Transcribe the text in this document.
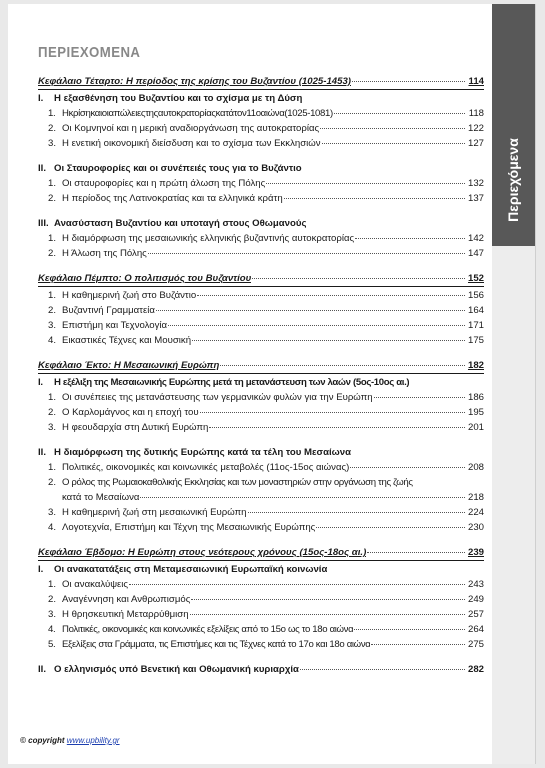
Περιεχόμενα
ΠΕΡΙΕΧΟΜΕΝΑ
Κεφάλαιο Τέταρτο: Η περίοδος της κρίσης του Βυζαντίου (1025-1453)	114
I. Η εξασθένηση του Βυζαντίου και το σχίσμα με τη Δύση
1. Ηκρίσηκαιοιαπώλειεςτηςαυτοκρατορίαςκατάτον11οαιώνα(1025-1081)	118
2. Οι Κομνηνοί και η μερική αναδιοργάνωση της αυτοκρατορίας	122
3. Η ενετική οικονομική διείσδυση και το σχίσμα των Εκκλησιών	127
II. Οι Σταυροφορίες και οι συνέπειές τους για το Βυζάντιο
1. Οι σταυροφορίες και η πρώτη άλωση της Πόλης	132
2. Η περίοδος της Λατινοκρατίας και τα ελληνικά κράτη	137
III. Ανασύσταση Βυζαντίου και υποταγή στους Οθωμανούς
1. Η διαμόρφωση της μεσαιωνικής ελληνικής βυζαντινής αυτοκρατορίας	142
2. Η Άλωση της Πόλης	147
Κεφάλαιο Πέμπτο: Ο πολιτισμός του Βυζαντίου	152
1. Η καθημερινή ζωή στο Βυζάντιο	156
2. Βυζαντινή Γραμματεία	164
3. Επιστήμη και Τεχνολογία	171
4. Εικαστικές Τέχνες και Μουσική	175
Κεφάλαιο Έκτο: Η Μεσαιωνική Ευρώπη	182
I. Η εξέλιξη της Μεσαιωνικής Ευρώπης μετά τη μετανάστευση των λαών (5ος-10ος αι.)
1. Οι συνέπειες της μετανάστευσης των γερμανικών φυλών για την Ευρώπη	186
2. Ο Καρλομάγνος και η εποχή του	195
3. Η φεουδαρχία στη Δυτική Ευρώπη	201
II. Η διαμόρφωση της δυτικής Ευρώπης κατά τα τέλη του Μεσαίωνα
1. Πολιτικές, οικονομικές και κοινωνικές μεταβολές (11ος-15ος αιώνας)	208
2. Ο ρόλος της Ρωμαιοκαθολικής Εκκλησίας και των μοναστηριών στην οργάνωση της ζωής
κατά το Μεσαίωνα	218
3. Η καθημερινή ζωή στη μεσαιωνική Ευρώπη	224
4. Λογοτεχνία, Επιστήμη και Τέχνη της Μεσαιωνικής Ευρώπης	230
Κεφάλαιο Έβδομο: Η Ευρώπη στους νεότερους χρόνους (15ος-18ος αι.)	239
I. Οι ανακατατάξεις στη Μεταμεσαιωνική Ευρωπαϊκή κοινωνία
1. Οι ανακαλύψεις	243
2. Αναγέννηση και Ανθρωπισμός	249
3. Η θρησκευτική Μεταρρύθμιση	257
4. Πολιτικές, οικονομικές και κοινωνικές εξελίξεις από το 15ο ως το 18ο αιώνα	264
5. Εξελίξεις στα Γράμματα, τις Επιστήμες και τις Τέχνες κατά το 17ο και 18ο αιώνα	275
II. Ο ελληνισμός υπό Βενετική και Οθωμανική κυριαρχία	282
© copyright www.upbility.gr
